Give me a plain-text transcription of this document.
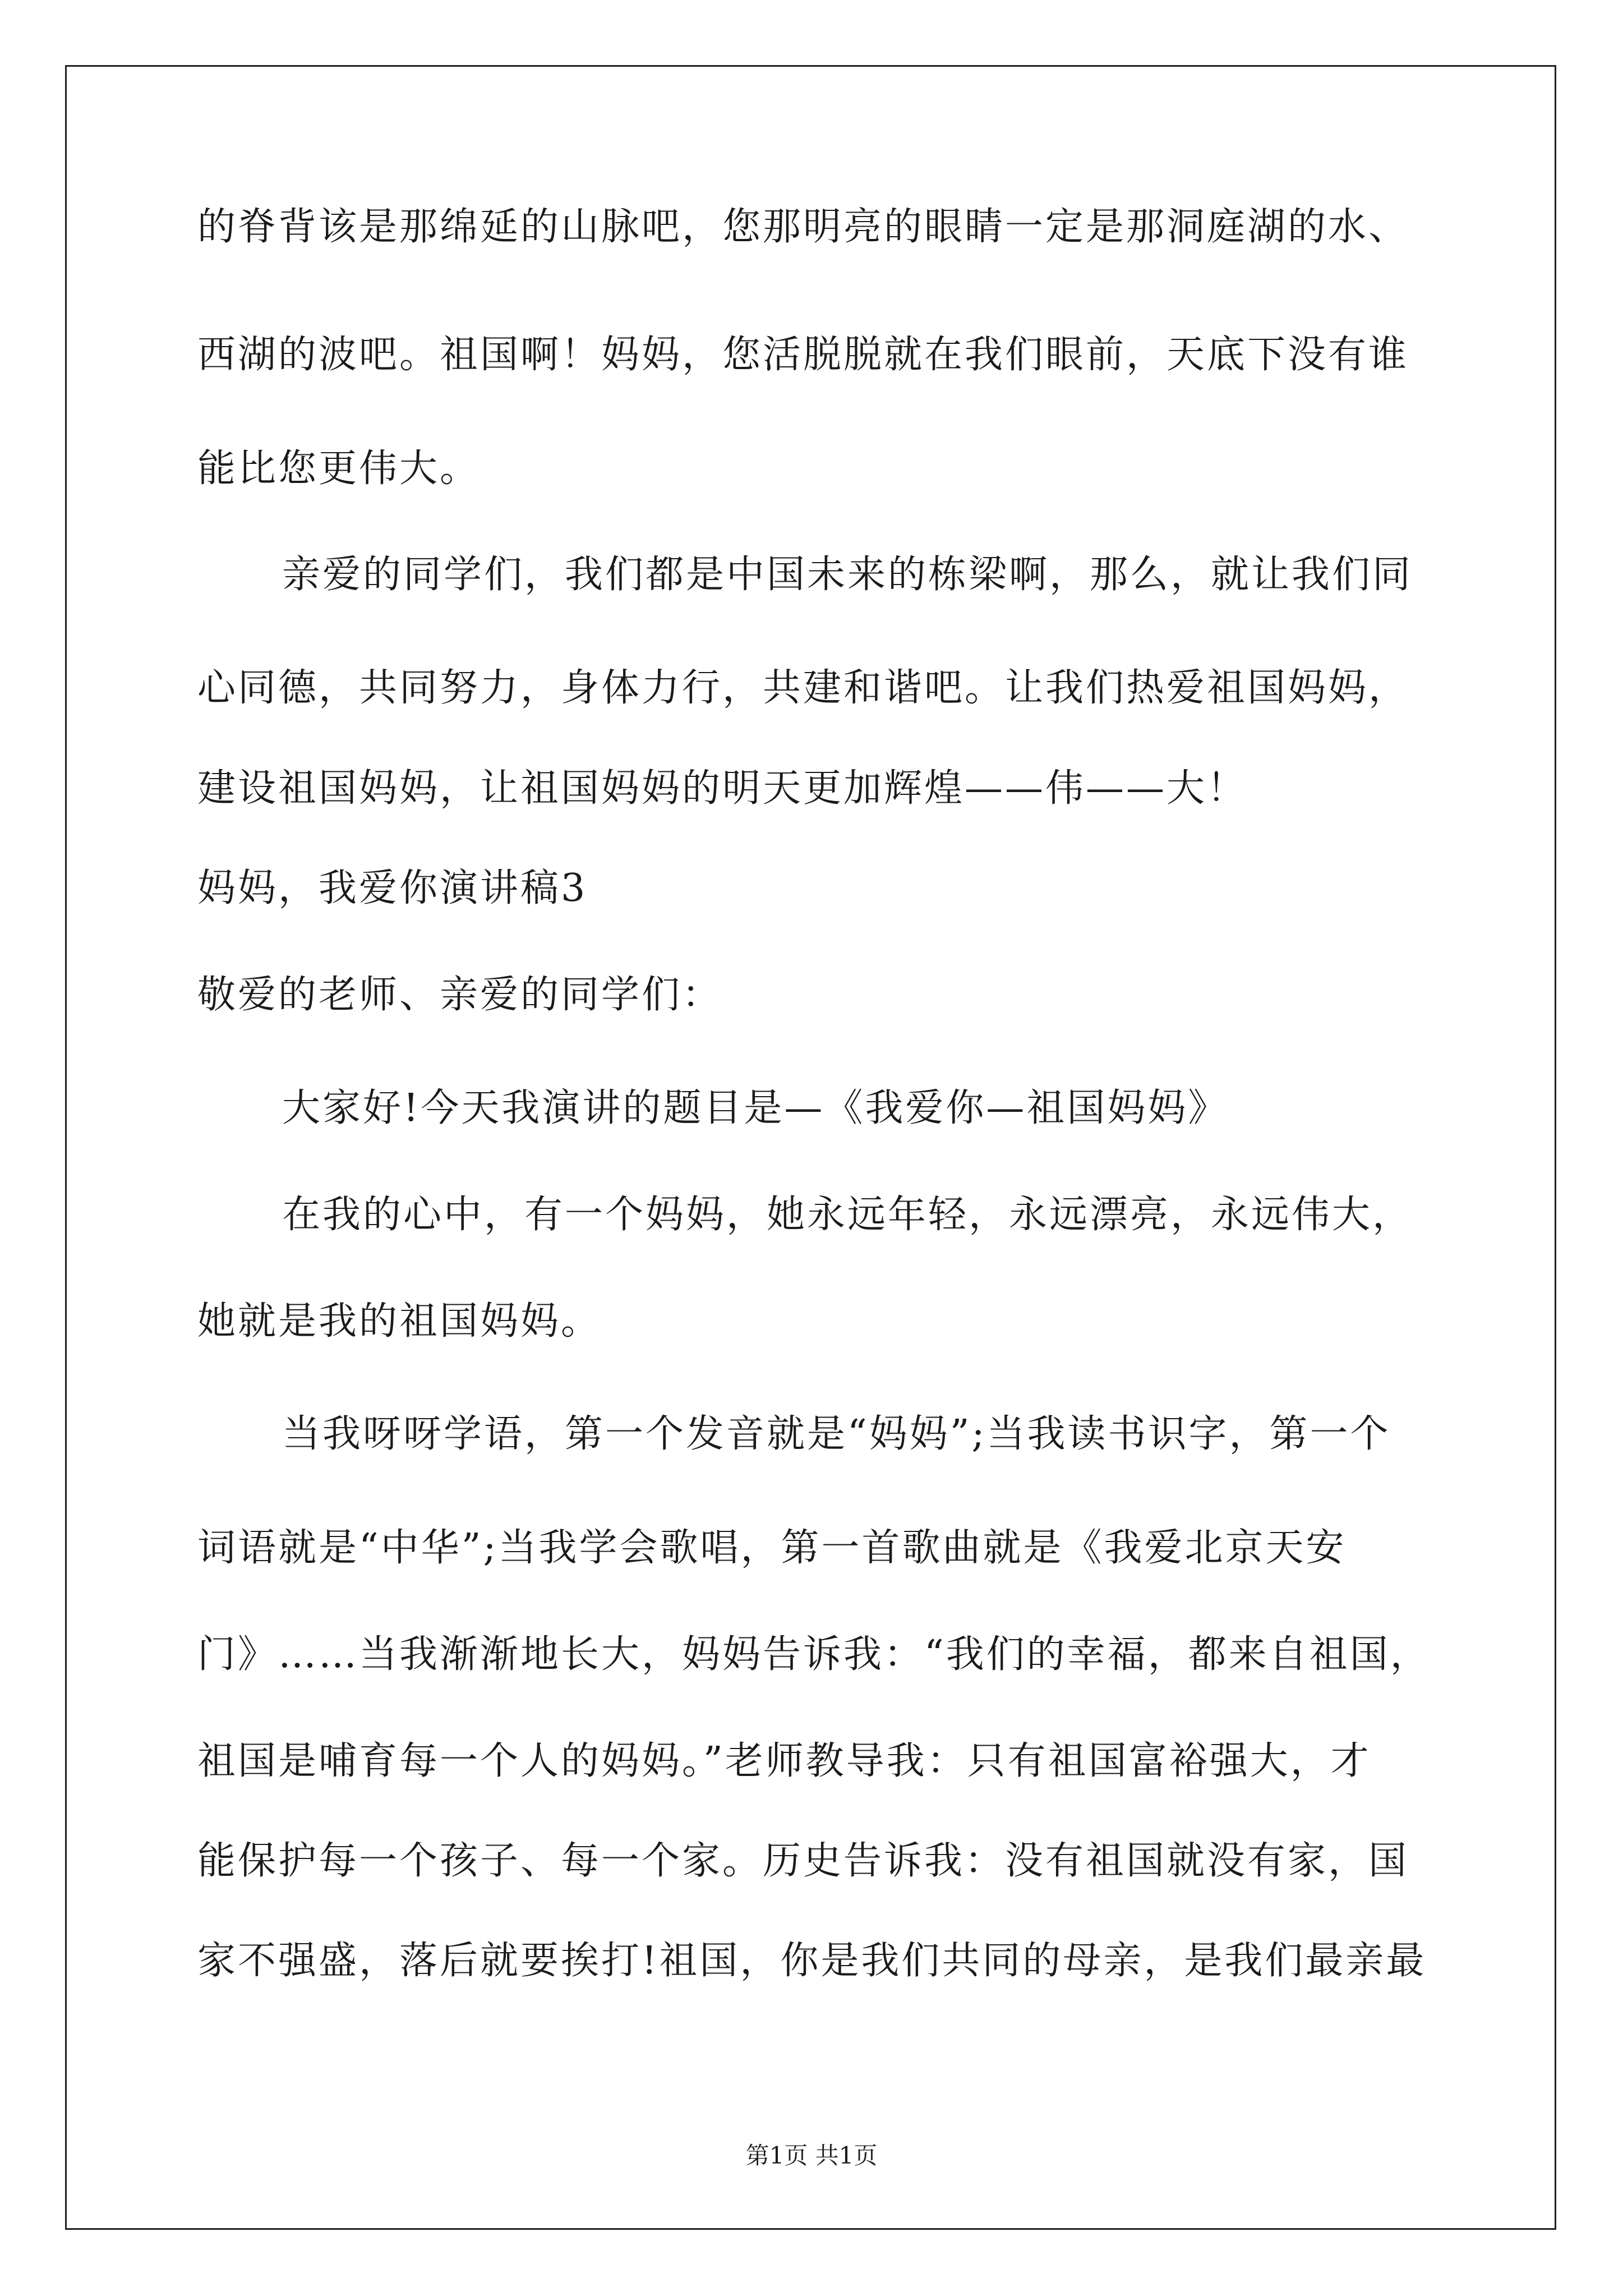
的脊背该是那绵延的山脉吧，您那明亮的眼睛一定是那洞庭湖的水、

西湖的波吧。祖国啊！妈妈，您活脱脱就在我们眼前，天底下没有谁

能比您更伟大。

亲爱的同学们，我们都是中国未来的栋梁啊，那么，就让我们同

心同德，共同努力，身体力行，共建和谐吧。让我们热爱祖国妈妈，

建设祖国妈妈，让祖国妈妈的明天更加辉煌——伟——大！

妈妈，我爱你演讲稿3

敬爱的老师、亲爱的同学们：

大家好!今天我演讲的题目是—《我爱你—祖国妈妈》

在我的心中，有一个妈妈，她永远年轻，永远漂亮，永远伟大，

她就是我的祖国妈妈。

当我呀呀学语，第一个发音就是“妈妈”;当我读书识字，第一个

词语就是“中华”;当我学会歌唱，第一首歌曲就是《我爱北京天安

门》……当我渐渐地长大，妈妈告诉我：“我们的幸福，都来自祖国，

祖国是哺育每一个人的妈妈。”老师教导我：只有祖国富裕强大，才

能保护每一个孩子、每一个家。历史告诉我：没有祖国就没有家，国

家不强盛，落后就要挨打!祖国，你是我们共同的母亲，是我们最亲最

第1页 共1页
